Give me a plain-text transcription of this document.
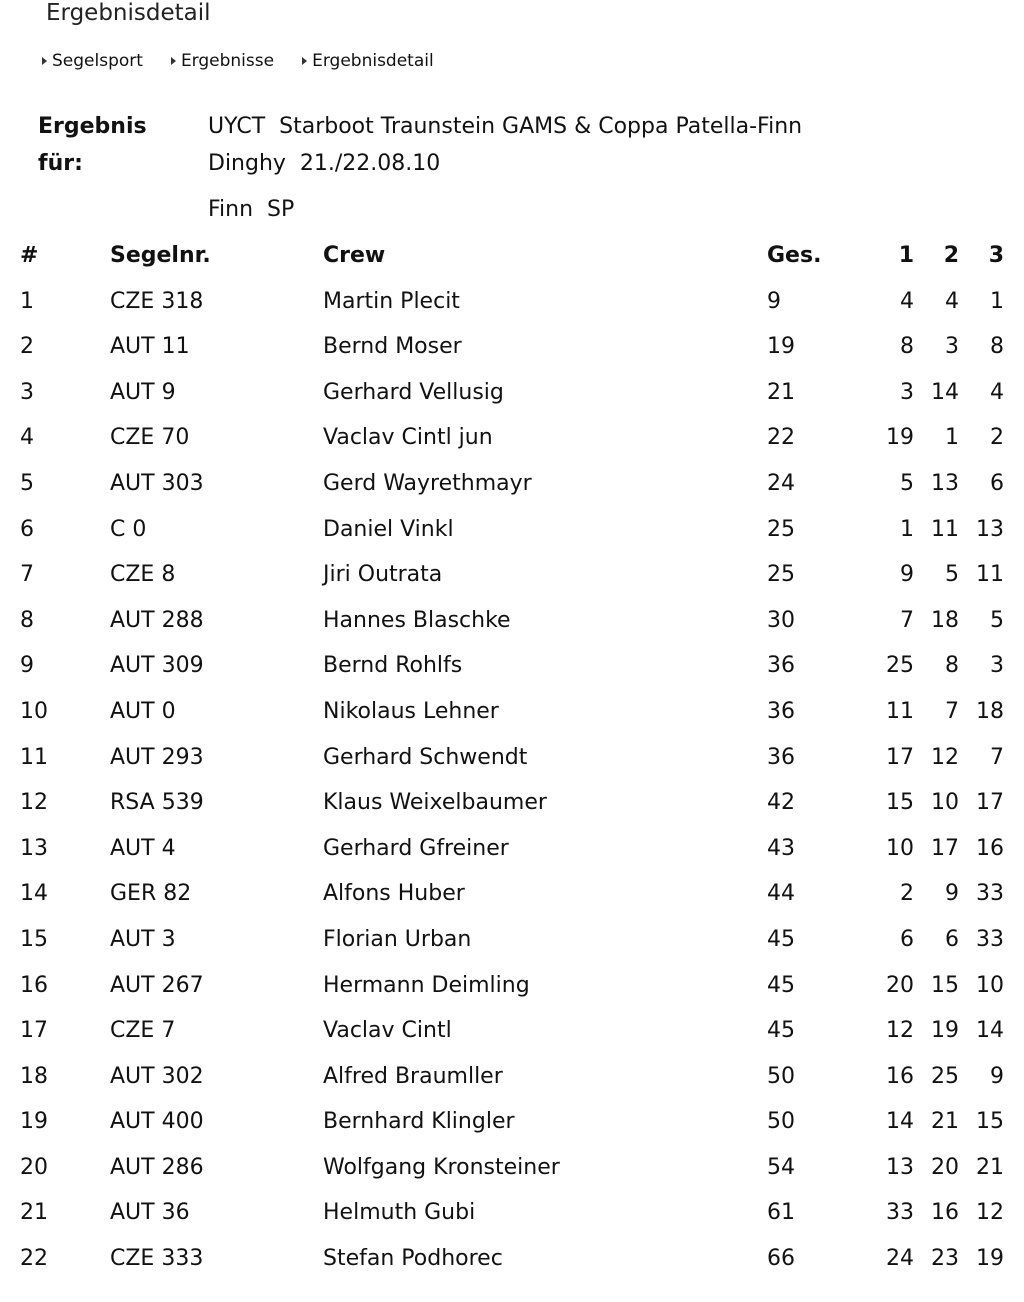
Ergebnisdetail
Segelsport Ergebnisse Ergebnisdetail
Ergebnis
für:
UYCT Starboot Traunstein GAMS & Coppa Patella-Finn
Dinghy  21./22.08.10
Finn  SP
#	Segelnr.	Crew	Ges.	1 2 3
1	CZE 318	Martin Plecit	9	4 4 1
2	AUT 11	Bernd Moser	19	8 3 8
3	AUT 9	Gerhard Vellusig	21	3 14 4
4	CZE 70	Vaclav Cintl jun	22	19 1 2
5	AUT 303	Gerd Wayrethmayr	24	5 13 6
6	C 0	Daniel Vinkl	25	1 11 13
7	CZE 8	Jiri Outrata	25	9 5 11
8	AUT 288	Hannes Blaschke	30	7 18 5
9	AUT 309	Bernd Rohlfs	36	25 8 3
10	AUT 0	Nikolaus Lehner	36	11 7 18
11	AUT 293	Gerhard Schwendt	36	17 12 7
12	RSA 539	Klaus Weixelbaumer	42	15 10 17
13	AUT 4	Gerhard Gfreiner	43	10 17 16
14	GER 82	Alfons Huber	44	2 9 33
15	AUT 3	Florian Urban	45	6 6 33
16	AUT 267	Hermann Deimling	45	20 15 10
17	CZE 7	Vaclav Cintl	45	12 19 14
18	AUT 302	Alfred Braumller	50	16 25 9
19	AUT 400	Bernhard Klingler	50	14 21 15
20	AUT 286	Wolfgang Kronsteiner	54	13 20 21
21	AUT 36	Helmuth Gubi	61	33 16 12
22	CZE 333	Stefan Podhorec	66	24 23 19
